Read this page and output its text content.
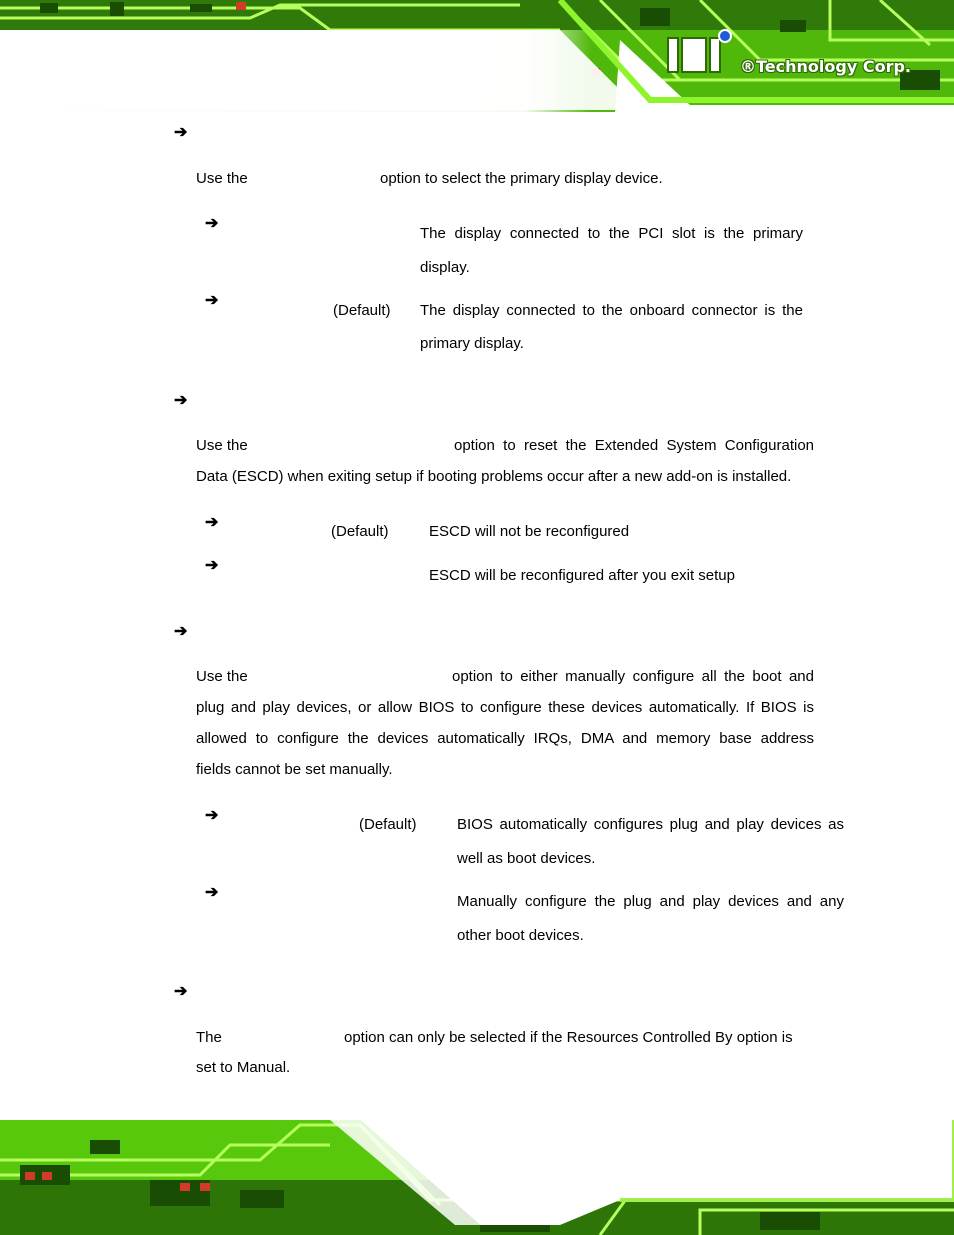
®Technology Corp.
➔
Use the	option to select the primary display device.
➔
The display connected to the PCI slot is the primary
display.
➔
(Default) The display connected to the onboard connector is the
primary display.
➔
Use the	option to reset the Extended System Configuration
Data (ESCD) when exiting setup if booting problems occur after a new add-on is installed.
➔
(Default)	ESCD will not be reconfigured
➔
ESCD will be reconfigured after you exit setup
➔
Use the	option to either manually configure all the boot and
plug and play devices, or allow BIOS to configure these devices automatically. If BIOS is
allowed to configure the devices automatically IRQs, DMA and memory base address
fields cannot be set manually.
➔
(Default)	BIOS automatically configures plug and play devices as
well as boot devices.
➔
Manually configure the plug and play devices and any
other boot devices.
➔
The	option can only be selected if the Resources Controlled By option is
set to Manual.
